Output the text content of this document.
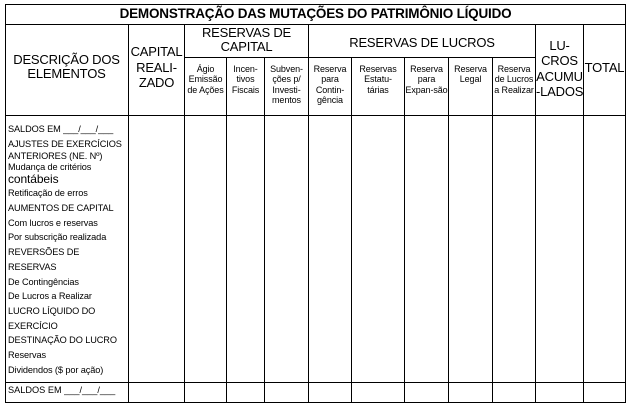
DEMONSTRAÇÃO DAS MUTAÇÕES DO PATRIMÔNIO LÍQUIDO
DESCRIÇÃO DOS
ELEMENTOS
CAPITAL
REALI-
ZADO
RESERVAS DE
CAPITAL	RESERVAS DE LUCROS	LU-
CROS
ACUMU
-LADOS
TOTAL
Ágio
Emissão
de Ações
Incen-
tivos
Fiscais
Subven-
ções p/
Investi-
mentos
Reserva
para
Contin-
gência
Reservas
Estatu-
tárias
Reserva
para
Expan-são
Reserva
Legal
Reserva
de Lucros
a Realizar
SALDOS EM ___/___/___
AJUSTES DE EXERCÍCIOS
ANTERIORES (NE. Nº)
Mudança de critérios
contábeis
Retificação de erros
AUMENTOS DE CAPITAL
Com lucros e reservas
Por subscrição realizada
REVERSÕES DE
RESERVAS
De Contingências
De Lucros a Realizar
LUCRO LÍQUIDO DO
EXERCÍCIO
DESTINAÇÃO DO LUCRO
Reservas
Dividendos ($ por ação)
SALDOS EM ___/___/___
